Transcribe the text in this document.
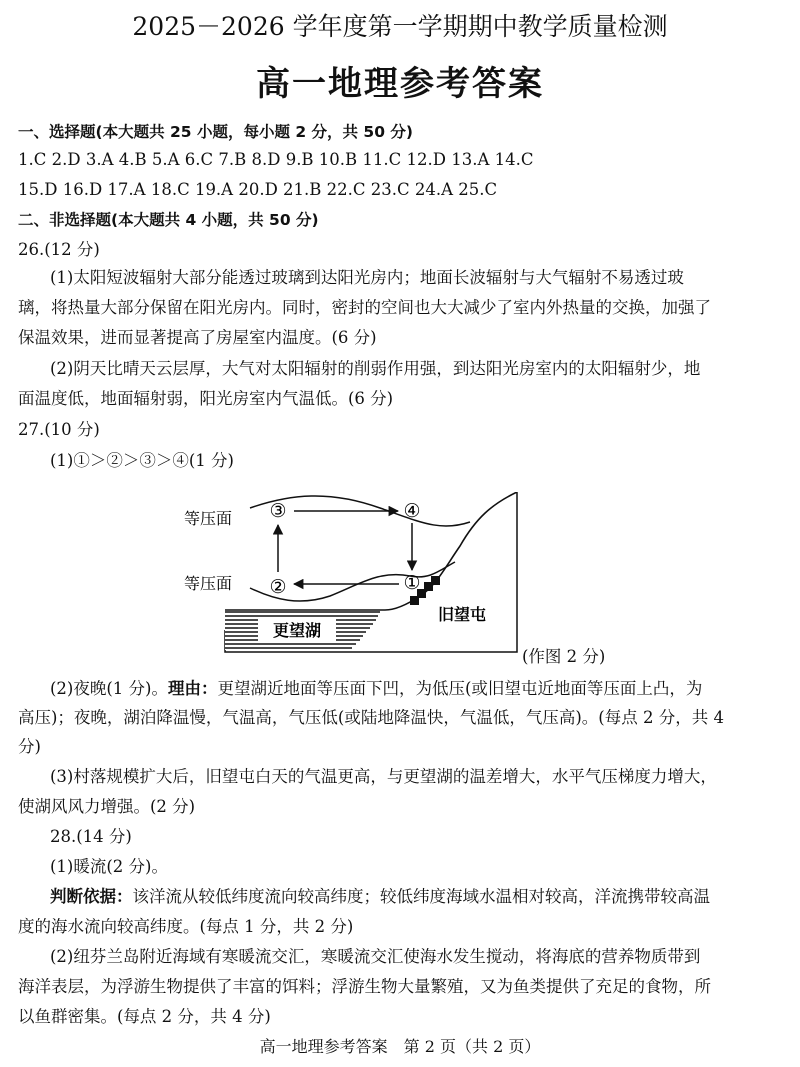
2025－2026 学年度第一学期期中教学质量检测
高一地理参考答案
一、选择题(本大题共 25 小题，每小题 2 分，共 50 分)
1.C 2.D 3.A 4.B 5.A 6.C 7.B 8.D 9.B 10.B 11.C 12.D 13.A 14.C
15.D 16.D 17.A 18.C 19.A 20.D 21.B 22.C 23.C 24.A 25.C
二、非选择题(本大题共 4 小题，共 50 分)
26.(12 分)
(1)太阳短波辐射大部分能透过玻璃到达阳光房内；地面长波辐射与大气辐射不易透过玻
璃，将热量大部分保留在阳光房内。同时，密封的空间也大大减少了室内外热量的交换，加强了
保温效果，进而显著提高了房屋室内温度。(6 分)
(2)阴天比晴天云层厚，大气对太阳辐射的削弱作用强，到达阳光房室内的太阳辐射少，地
面温度低，地面辐射弱，阳光房室内气温低。(6 分)
27.(10 分)
(1)①＞②＞③＞④(1 分)
更望湖
旧望屯
等压面
等压面
③	④
②	①
(作图 2 分)
(2)夜晚(1 分)。理由：更望湖近地面等压面下凹，为低压(或旧望屯近地面等压面上凸，为
高压)；夜晚，湖泊降温慢，气温高，气压低(或陆地降温快，气温低，气压高)。(每点 2 分，共 4
分)
(3)村落规模扩大后，旧望屯白天的气温更高，与更望湖的温差增大，水平气压梯度力增大，
使湖风风力增强。(2 分)
28.(14 分)
(1)暖流(2 分)。
判断依据：该洋流从较低纬度流向较高纬度；较低纬度海域水温相对较高，洋流携带较高温
度的海水流向较高纬度。(每点 1 分，共 2 分)
(2)纽芬兰岛附近海域有寒暖流交汇，寒暖流交汇使海水发生搅动，将海底的营养物质带到
海洋表层，为浮游生物提供了丰富的饵料；浮游生物大量繁殖，又为鱼类提供了充足的食物，所
以鱼群密集。(每点 2 分，共 4 分)
高一地理参考答案　第 2 页（共 2 页）
